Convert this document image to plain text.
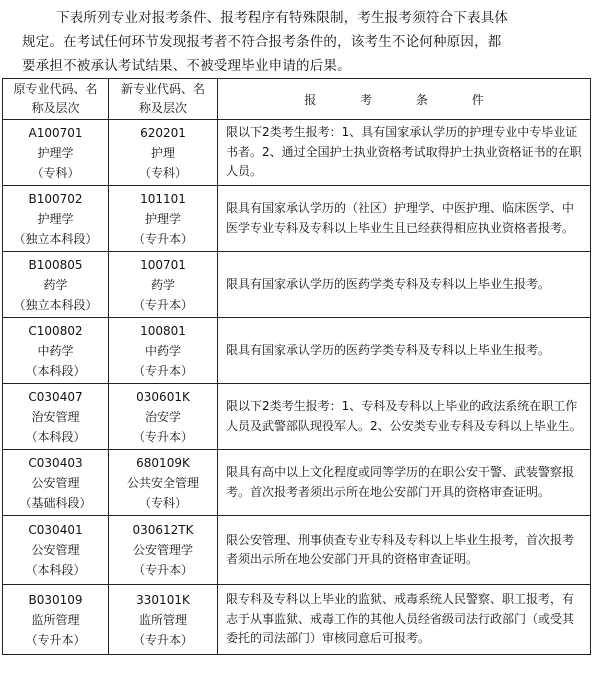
下表所列专业对报考条件、报考程序有特殊限制，考生报考须符合下表具体
规定。在考试任何环节发现报考者不符合报考条件的，该考生不论何种原因，都
要承担不被承认考试结果、不被受理毕业申请的后果。
原专业代码、名
称及层次	新专业代码、名
称及层次	报 考 条 件

A100701
护理学
（专科）	620201
护理
（专科）	限以下2类考生报考：1、具有国家承认学历的护理专业中专毕业证书者。2、通过全国护士执业资格考试取得护士执业资格证书的在职人员。

B100702
护理学
（独立本科段）	101101
护理学
（专升本）	限具有国家承认学历的（社区）护理学、中医护理、临床医学、中医学专业专科及专科以上毕业生且已经获得相应执业资格者报考。

B100805
药学
（独立本科段）	100701
药学
（专升本）	限具有国家承认学历的医药学类专科及专科以上毕业生报考。

C100802
中药学
（本科段）	100801
中药学
（专升本）	限具有国家承认学历的医药学类专科及专科以上毕业生报考。

C030407
治安管理
（本科段）	030601K
治安学
（专升本）	限以下2类考生报考：1、专科及专科以上毕业的政法系统在职工作人员及武警部队现役军人。2、公安类专业专科及专科以上毕业生。

C030403
公安管理
（基础科段）	680109K
公共安全管理
（专科）	限具有高中以上文化程度或同等学历的在职公安干警、武装警察报考。首次报考者须出示所在地公安部门开具的资格审查证明。

C030401
公安管理
（本科段）	030612TK
公安管理学
（专升本）	限公安管理、刑事侦查专业专科及专科以上毕业生报考，首次报考者须出示所在地公安部门开具的资格审查证明。

B030109
监所管理
（专升本）	330101K
监所管理
（专升本）	限专科及专科以上毕业的监狱、戒毒系统人民警察、职工报考，有志于从事监狱、戒毒工作的其他人员经省级司法行政部门（或受其委托的司法部门）审核同意后可报考。
